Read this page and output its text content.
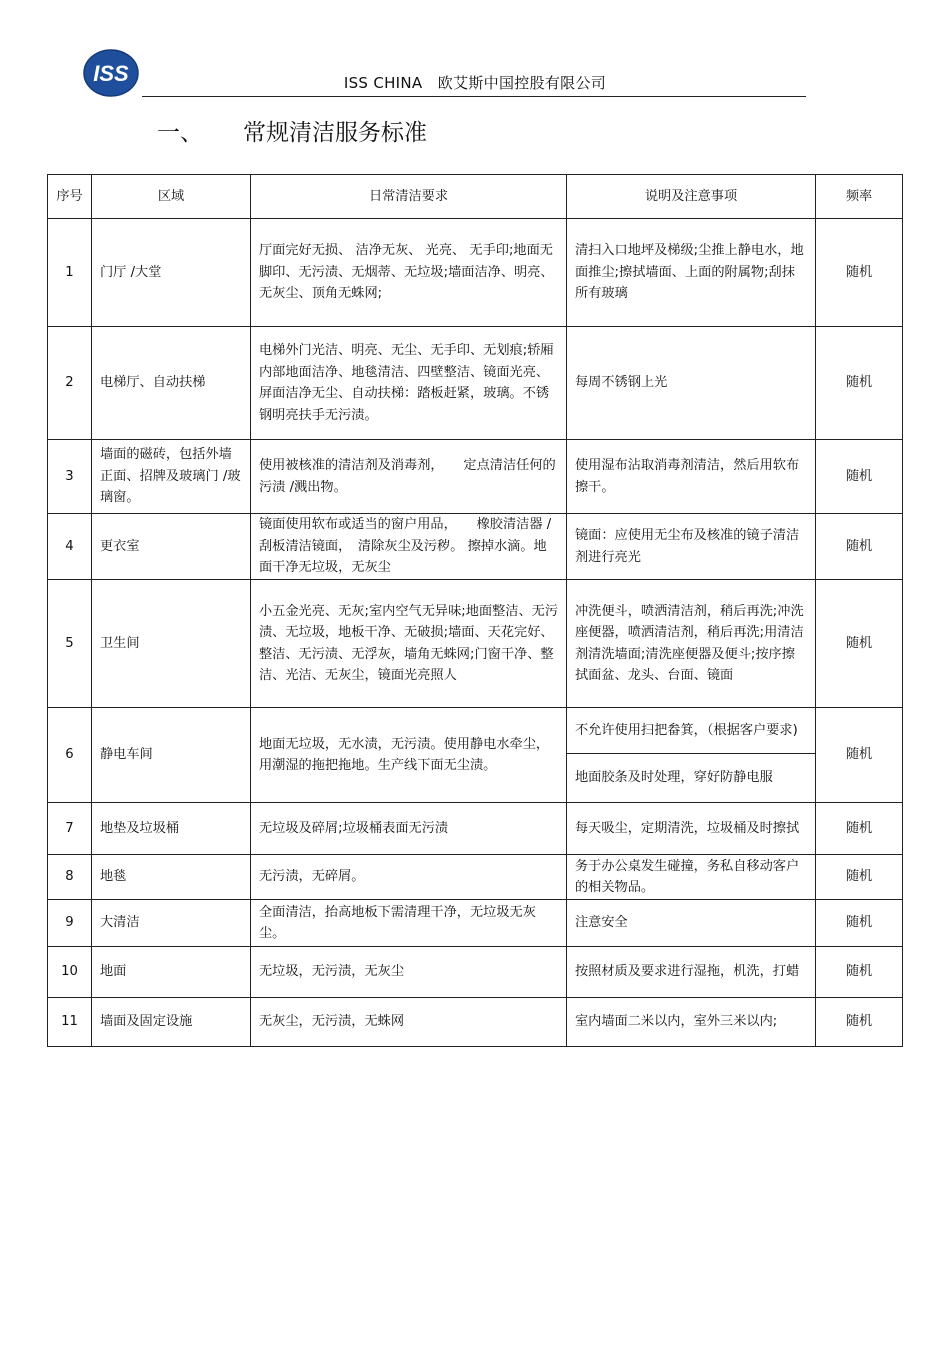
ISS	ISS CHINA　欧艾斯中国控股有限公司
一、 常规清洁服务标准
序号	区域	日常清洁要求	说明及注意事项	频率
1	门厅 /大堂	厅面完好无损、 洁净无灰、 光亮、 无手印;地面无脚印、无污渍、无烟蒂、无垃圾;墙面洁净、明亮、无灰尘、顶角无蛛网;	清扫入口地坪及梯级;尘推上静电水，地面推尘;擦拭墙面、上面的附属物;刮抹所有玻璃	随机
2	电梯厅、自动扶梯	电梯外门光洁、明亮、无尘、无手印、无划痕;轿厢内部地面洁净、地毯清洁、四壁整洁、镜面光亮、屏面洁净无尘、自动扶梯：踏板赶紧，玻璃。不锈钢明亮扶手无污渍。	每周不锈钢上光	随机
3	墙面的磁砖，包括外墙正面、招牌及玻璃门 /玻璃窗。	使用被核准的清洁剂及消毒剂，　　定点清洁任何的污渍 /溅出物。	使用湿布沾取消毒剂清洁，然后用软布擦干。	随机
4	更衣室	镜面使用软布或适当的窗户用品，　　橡胶清洁器 /刮板清洁镜面，　清除灰尘及污秽。 擦掉水滴。地面干净无垃圾，无灰尘	镜面：应使用无尘布及核准的镜子清洁剂进行亮光	随机
5	卫生间	小五金光亮、无灰;室内空气无异味;地面整洁、无污渍、无垃圾，地板干净、无破损;墙面、天花完好、整洁、无污渍、无浮灰，墙角无蛛网;门窗干净、整洁、光洁、无灰尘，镜面光亮照人	冲洗便斗，喷洒清洁剂，稍后再洗;冲洗座便器，喷洒清洁剂，稍后再洗;用清洁剂清洗墙面;清洗座便器及便斗;按序擦拭面盆、龙头、台面、镜面	随机
6	静电车间	地面无垃圾，无水渍，无污渍。使用静电水牵尘，用潮湿的拖把拖地。生产线下面无尘渍。	不允许使用扫把畚箕，（根据客户要求)	随机
			地面胶条及时处理，穿好防静电服	
7	地垫及垃圾桶	无垃圾及碎屑;垃圾桶表面无污渍	每天吸尘，定期清洗，垃圾桶及时擦拭	随机
8	地毯	无污渍，无碎屑。	务于办公桌发生碰撞，务私自移动客户的相关物品。	随机
9	大清洁	全面清洁，抬高地板下需清理干净，无垃圾无灰尘。	注意安全	随机
10	地面	无垃圾，无污渍，无灰尘	按照材质及要求进行湿拖，机洗，打蜡	随机
11	墙面及固定设施	无灰尘，无污渍，无蛛网	室内墙面二米以内，室外三米以内;	随机
